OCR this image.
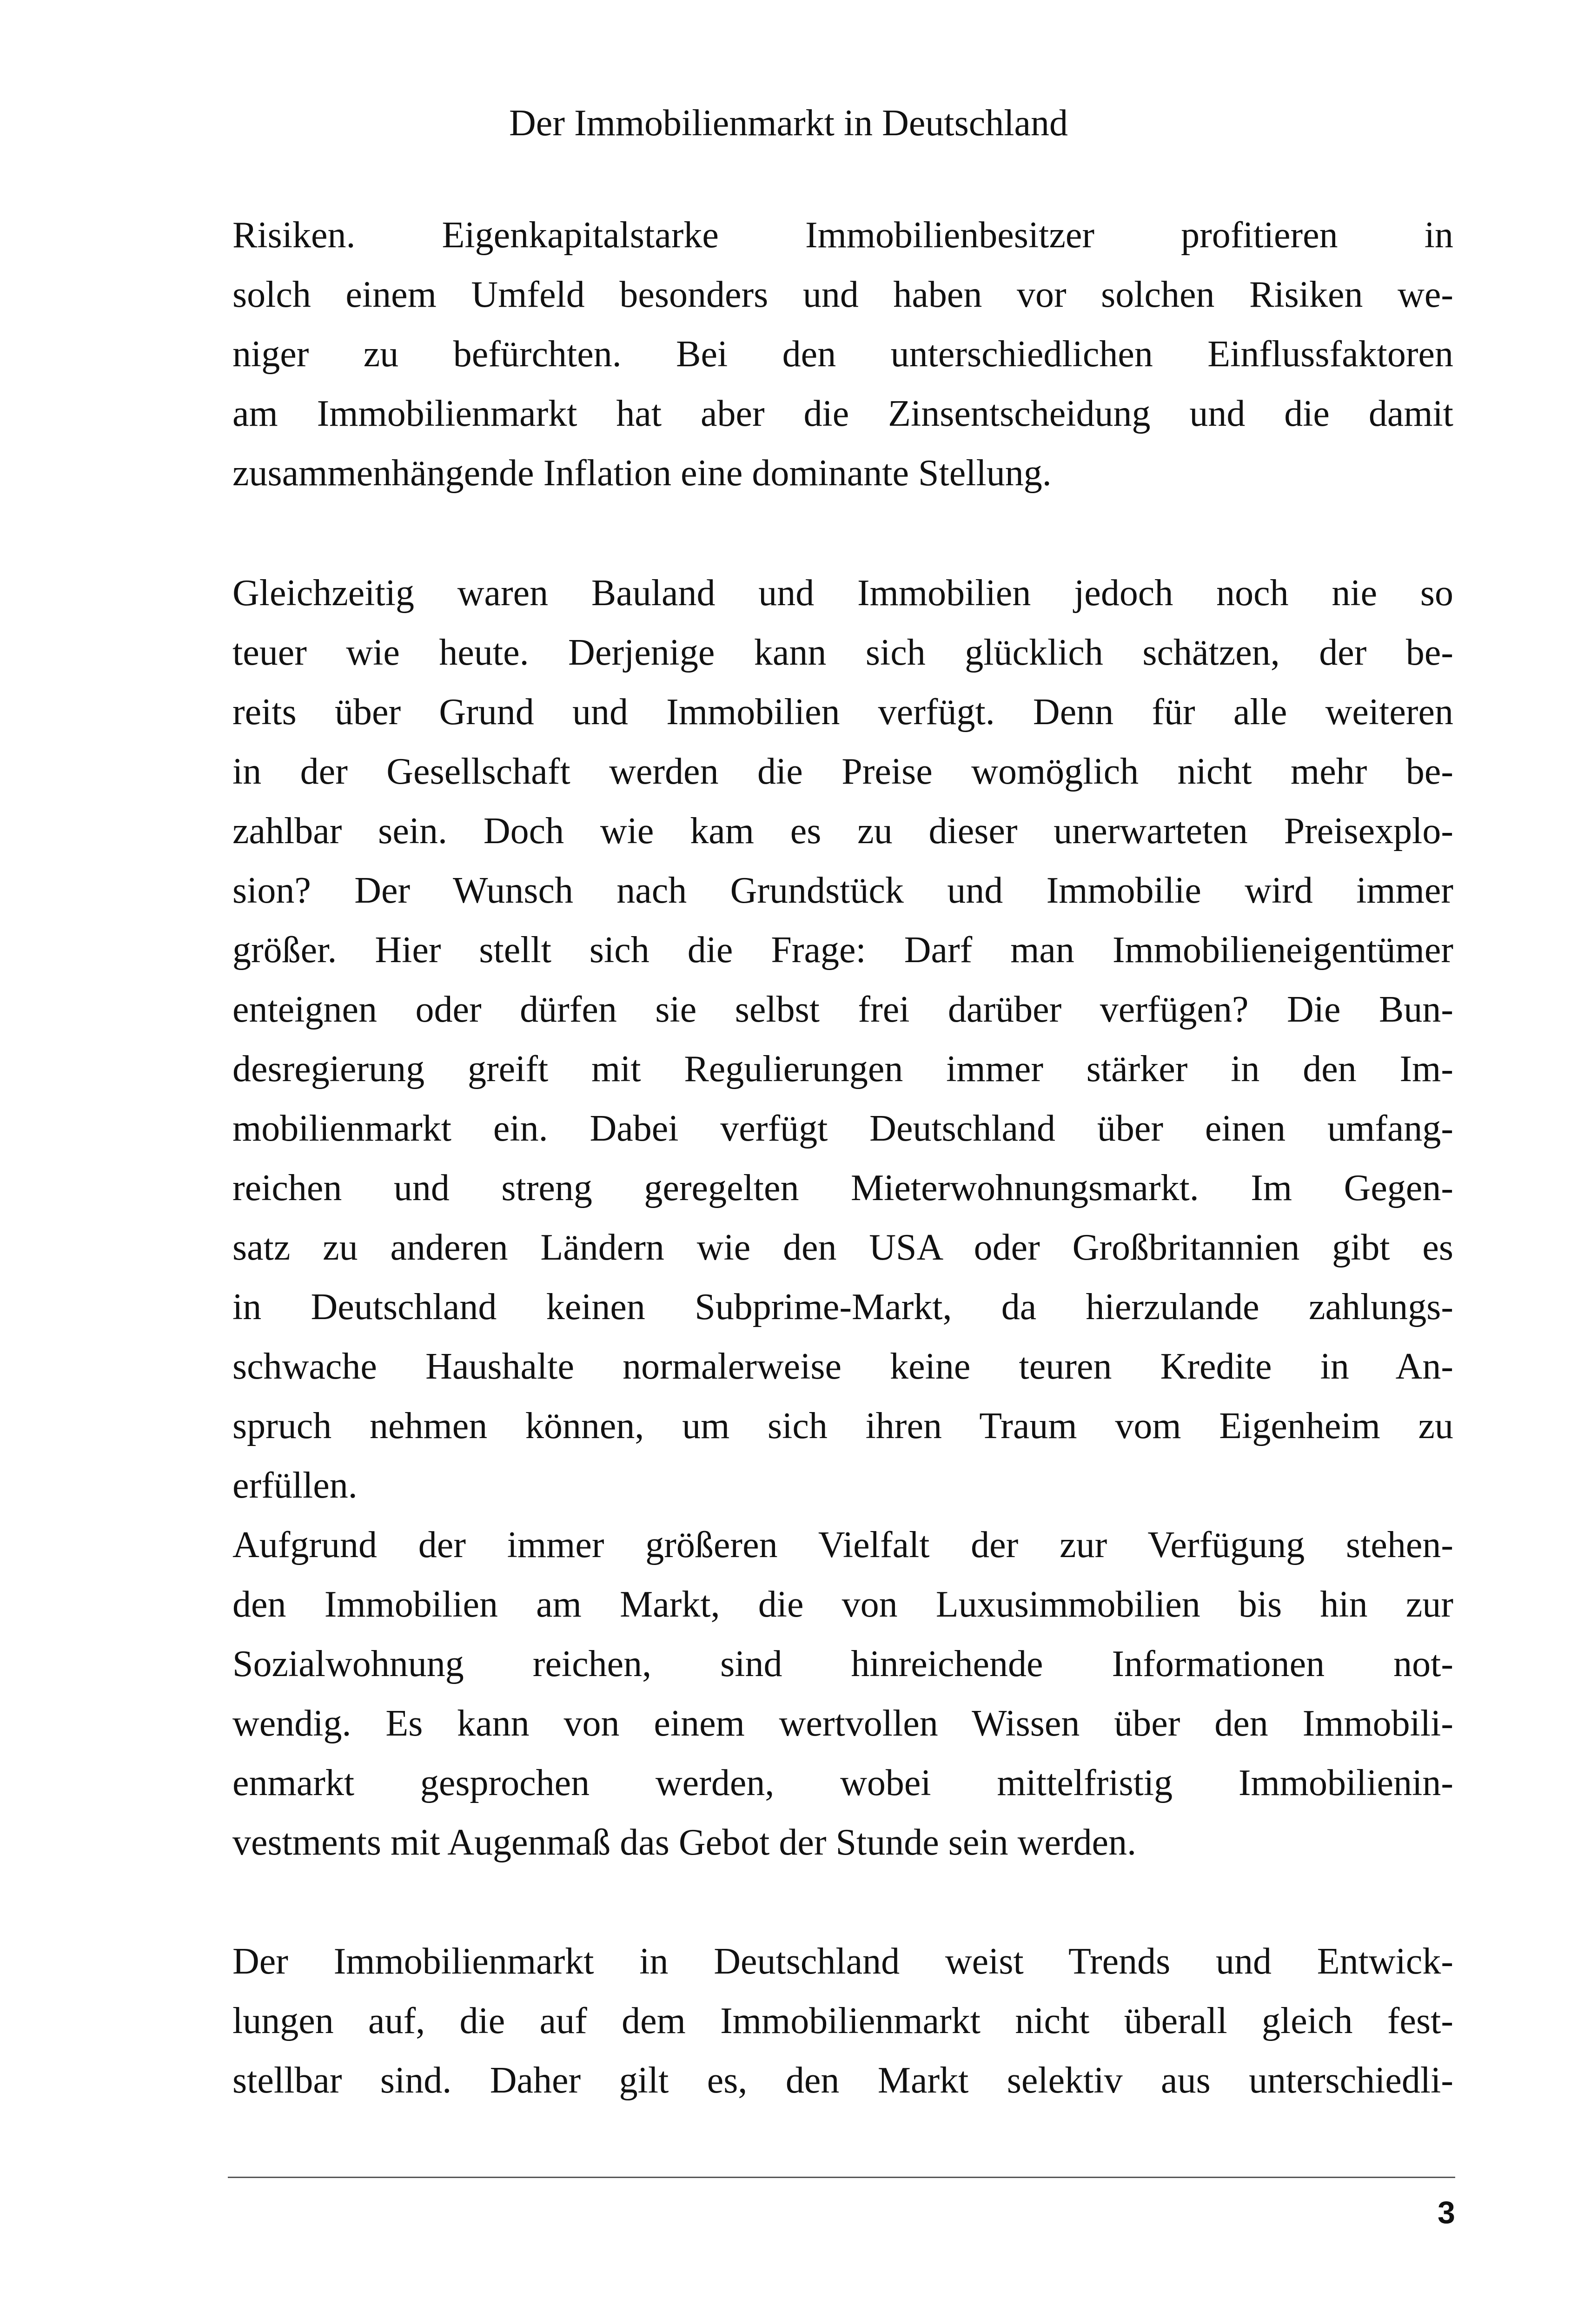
Der Immobilienmarkt in Deutschland
Risiken. Eigenkapitalstarke Immobilienbesitzer profitieren in
solch einem Umfeld besonders und haben vor solchen Risiken we-
niger zu befürchten. Bei den unterschiedlichen Einflussfaktoren
am Immobilienmarkt hat aber die Zinsentscheidung und die damit
zusammenhängende Inflation eine dominante Stellung.
Gleichzeitig waren Bauland und Immobilien jedoch noch nie so
teuer wie heute. Derjenige kann sich glücklich schätzen, der be-
reits über Grund und Immobilien verfügt. Denn für alle weiteren
in der Gesellschaft werden die Preise womöglich nicht mehr be-
zahlbar sein. Doch wie kam es zu dieser unerwarteten Preisexplo-
sion? Der Wunsch nach Grundstück und Immobilie wird immer
größer. Hier stellt sich die Frage: Darf man Immobilieneigentümer
enteignen oder dürfen sie selbst frei darüber verfügen? Die Bun-
desregierung greift mit Regulierungen immer stärker in den Im-
mobilienmarkt ein. Dabei verfügt Deutschland über einen umfang-
reichen und streng geregelten Mieterwohnungsmarkt. Im Gegen-
satz zu anderen Ländern wie den USA oder Großbritannien gibt es
in Deutschland keinen Subprime-Markt, da hierzulande zahlungs-
schwache Haushalte normalerweise keine teuren Kredite in An-
spruch nehmen können, um sich ihren Traum vom Eigenheim zu
erfüllen.
Aufgrund der immer größeren Vielfalt der zur Verfügung stehen-
den Immobilien am Markt, die von Luxusimmobilien bis hin zur
Sozialwohnung reichen, sind hinreichende Informationen not-
wendig. Es kann von einem wertvollen Wissen über den Immobili-
enmarkt gesprochen werden, wobei mittelfristig Immobilienin-
vestments mit Augenmaß das Gebot der Stunde sein werden.
Der Immobilienmarkt in Deutschland weist Trends und Entwick-
lungen auf, die auf dem Immobilienmarkt nicht überall gleich fest-
stellbar sind. Daher gilt es, den Markt selektiv aus unterschiedli-
3
